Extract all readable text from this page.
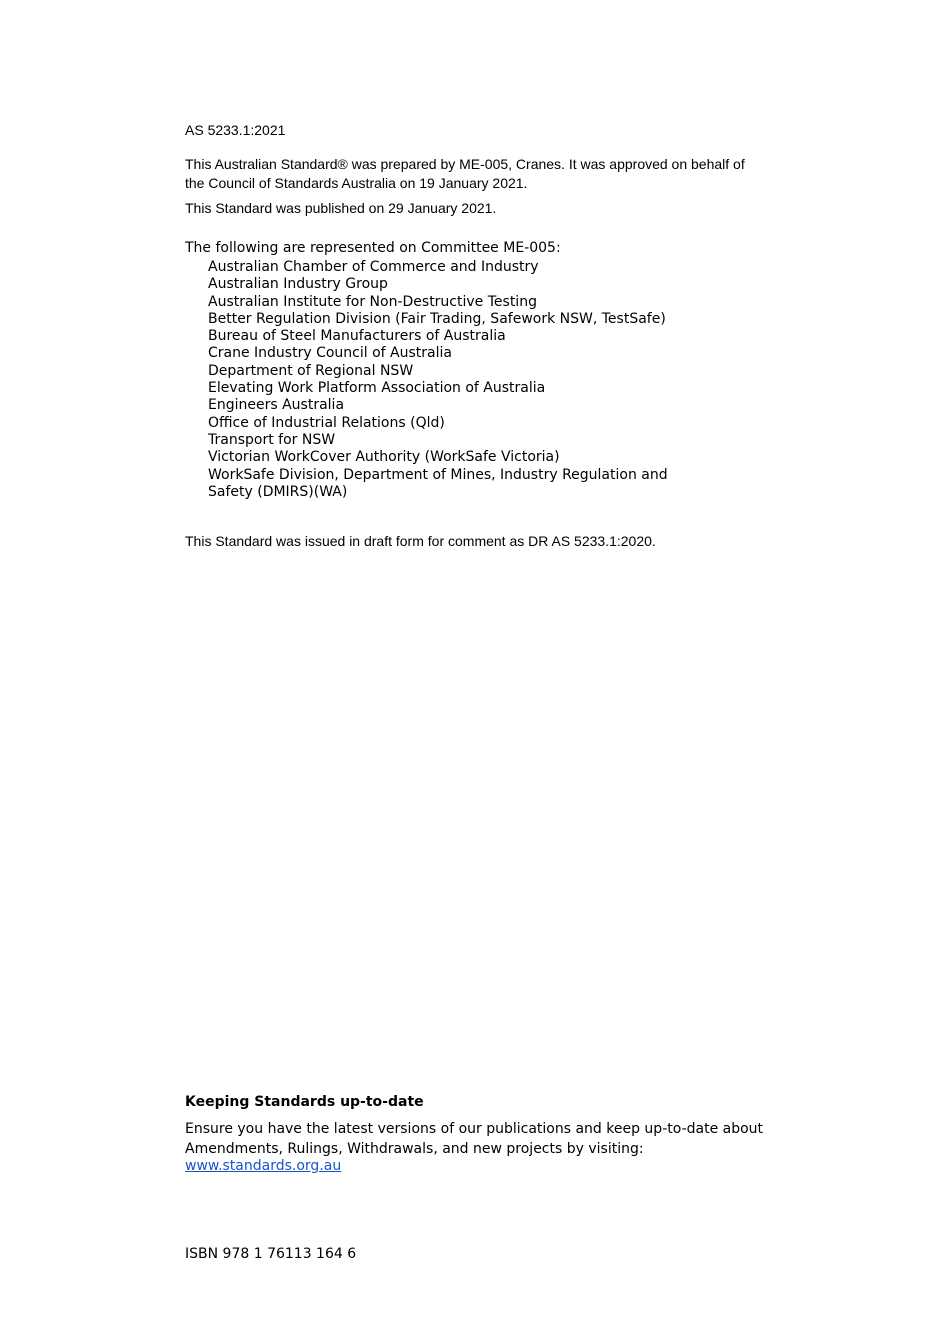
AS 5233.1:2021
This Australian Standard® was prepared by ME-005, Cranes. It was approved on behalf of
the Council of Standards Australia on 19 January 2021.
This Standard was published on 29 January 2021.
The following are represented on Committee ME-005:
Australian Chamber of Commerce and Industry
Australian Industry Group
Australian Institute for Non-Destructive Testing
Better Regulation Division (Fair Trading, Safework NSW, TestSafe)
Bureau of Steel Manufacturers of Australia
Crane Industry Council of Australia
Department of Regional NSW
Elevating Work Platform Association of Australia
Engineers Australia
Office of Industrial Relations (Qld)
Transport for NSW
Victorian WorkCover Authority (WorkSafe Victoria)
WorkSafe Division, Department of Mines, Industry Regulation and
Safety (DMIRS)(WA)
This Standard was issued in draft form for comment as DR AS 5233.1:2020.
Keeping Standards up-to-date
Ensure you have the latest versions of our publications and keep up-to-date about
Amendments, Rulings, Withdrawals, and new projects by visiting:
www.standards.org.au
ISBN 978 1 76113 164 6
